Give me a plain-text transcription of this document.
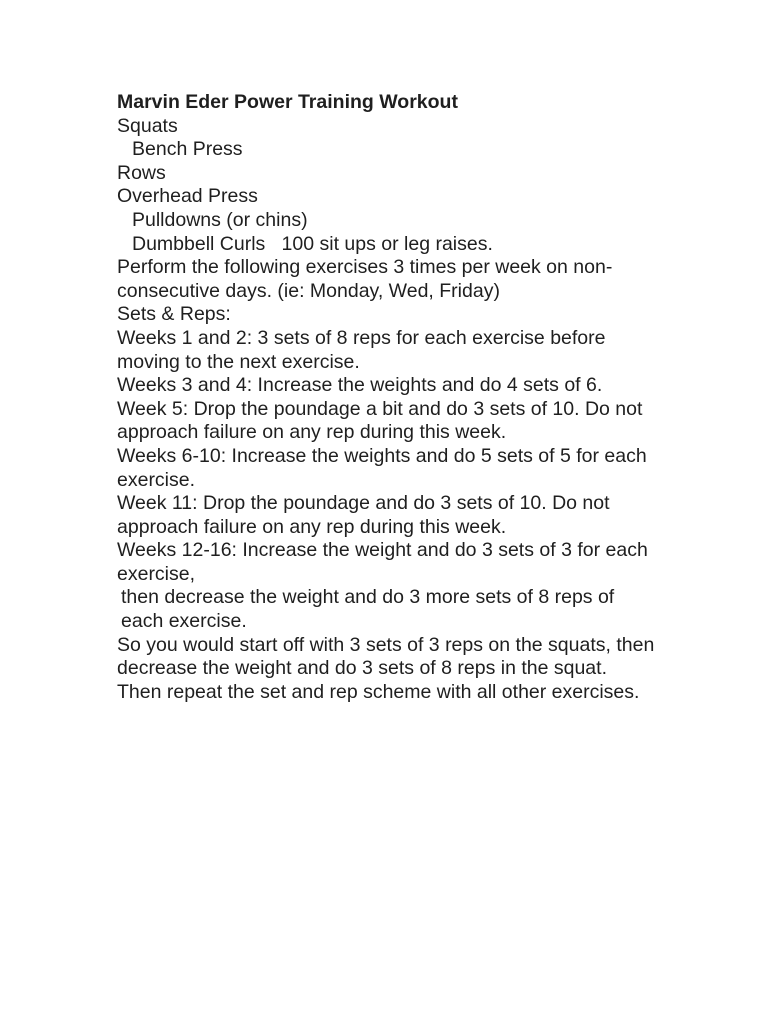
Marvin Eder Power Training Workout

Squats

Bench Press

Rows

Overhead Press

Pulldowns (or chins)

Dumbbell Curls   100 sit ups or leg raises.

Perform the following exercises 3 times per week on non-consecutive days. (ie: Monday, Wed, Friday)

Sets & Reps:

Weeks 1 and 2: 3 sets of 8 reps for each exercise before moving to the next exercise.

Weeks 3 and 4: Increase the weights and do 4 sets of 6.

Week 5: Drop the poundage a bit and do 3 sets of 10. Do not approach failure on any rep during this week.

Weeks 6-10: Increase the weights and do 5 sets of 5 for each exercise.

Week 11: Drop the poundage and do 3 sets of 10. Do not approach failure on any rep during this week.

Weeks 12-16: Increase the weight and do 3 sets of 3 for each exercise,

then decrease the weight and do 3 more sets of 8 reps of each exercise.

So you would start off with 3 sets of 3 reps on the squats, then decrease the weight and do 3 sets of 8 reps in the squat.

Then repeat the set and rep scheme with all other exercises.
